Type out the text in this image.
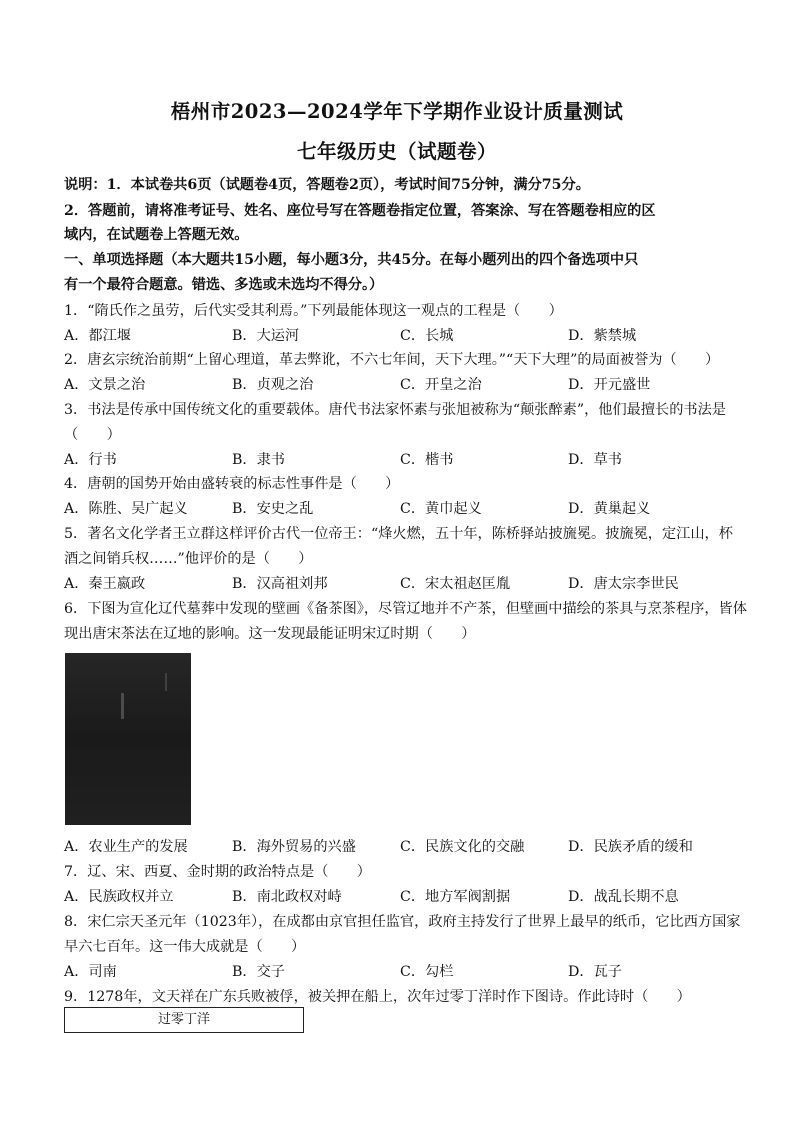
梧州市2023—2024学年下学期作业设计质量测试
七年级历史（试题卷）
说明：1．本试卷共6页（试题卷4页，答题卷2页），考试时间75分钟，满分75分。
2．答题前，请将准考证号、姓名、座位号写在答题卷指定位置，答案涂、写在答题卷相应的区
域内，在试题卷上答题无效。
一、单项选择题（本大题共15小题，每小题3分，共45分。在每小题列出的四个备选项中只
有一个最符合题意。错选、多选或未选均不得分。）
1．“隋氏作之虽劳，后代实受其利焉。”下列最能体现这一观点的工程是（　　）
A．都江堰	B．大运河	C．长城	D．紫禁城
2．唐玄宗统治前期“上留心理道，革去弊讹，不六七年间，天下大理。”“天下大理”的局面被誉为（　　）
A．文景之治	B．贞观之治	C．开皇之治	D．开元盛世
3．书法是传承中国传统文化的重要载体。唐代书法家怀素与张旭被称为“颠张醉素”，他们最擅长的书法是
（　　）
A．行书	B．隶书	C．楷书	D．草书
4．唐朝的国势开始由盛转衰的标志性事件是（　　）
A．陈胜、吴广起义	B．安史之乱	C．黄巾起义	D．黄巢起义
5．著名文化学者王立群这样评价古代一位帝王：“烽火燃，五十年，陈桥驿站披旒冕。披旒冕，定江山，杯
酒之间销兵权……”他评价的是（　　）
A．秦王嬴政	B．汉高祖刘邦	C．宋太祖赵匡胤	D．唐太宗李世民
6．下图为宣化辽代墓葬中发现的壁画《备茶图》，尽管辽地并不产茶，但壁画中描绘的茶具与烹茶程序，皆体
现出唐宋茶法在辽地的影响。这一发现最能证明宋辽时期（　　）
A．农业生产的发展	B．海外贸易的兴盛	C．民族文化的交融	D．民族矛盾的缓和
7．辽、宋、西夏、金时期的政治特点是（　　）
A．民族政权并立	B．南北政权对峙	C．地方军阀割据	D．战乱长期不息
8．宋仁宗天圣元年（1023年），在成都由京官担任监官，政府主持发行了世界上最早的纸币，它比西方国家
早六七百年。这一伟大成就是（　　）
A．司南	B．交子	C．勾栏	D．瓦子
9．1278年，文天祥在广东兵败被俘，被关押在船上，次年过零丁洋时作下图诗。作此诗时（　　）
过零丁洋
